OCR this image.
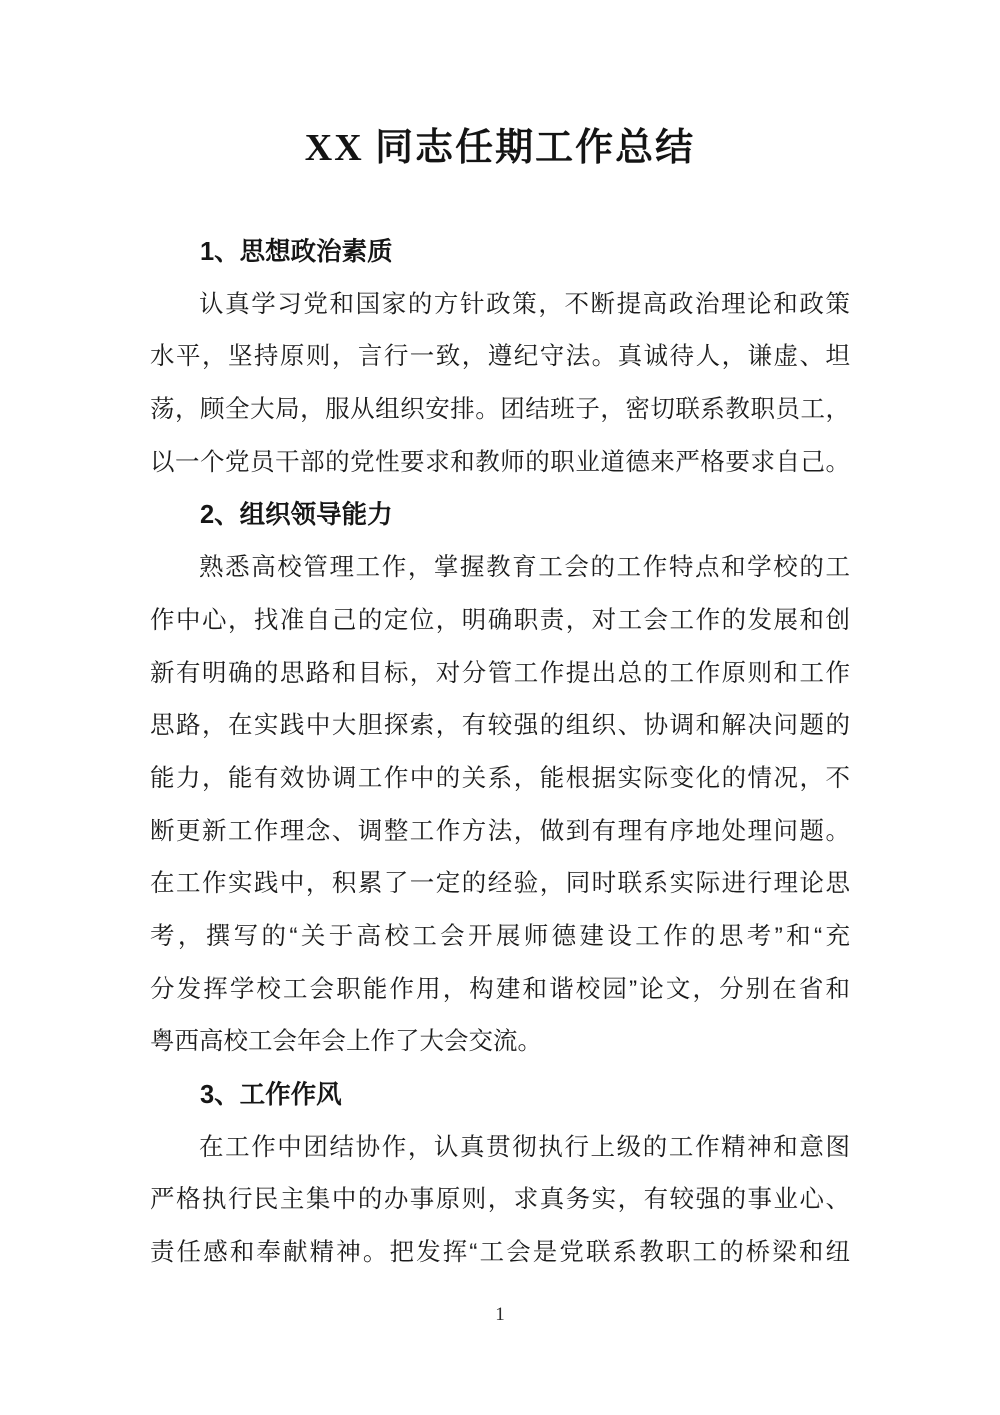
XX 同志任期工作总结
1、思想政治素质
认真学习党和国家的方针政策，不断提高政治理论和政策
水平，坚持原则，言行一致，遵纪守法。真诚待人，谦虚、坦
荡，顾全大局，服从组织安排。团结班子，密切联系教职员工，
以一个党员干部的党性要求和教师的职业道德来严格要求自己。
2、组织领导能力
熟悉高校管理工作，掌握教育工会的工作特点和学校的工
作中心，找准自己的定位，明确职责，对工会工作的发展和创
新有明确的思路和目标，对分管工作提出总的工作原则和工作
思路，在实践中大胆探索，有较强的组织、协调和解决问题的
能力，能有效协调工作中的关系，能根据实际变化的情况，不
断更新工作理念、调整工作方法，做到有理有序地处理问题。
在工作实践中，积累了一定的经验，同时联系实际进行理论思
考，撰写的“关于高校工会开展师德建设工作的思考”和“充
分发挥学校工会职能作用，构建和谐校园”论文，分别在省和
粤西高校工会年会上作了大会交流。
3、工作作风
在工作中团结协作，认真贯彻执行上级的工作精神和意图
严格执行民主集中的办事原则，求真务实，有较强的事业心、
责任感和奉献精神。把发挥“工会是党联系教职工的桥梁和纽
1
